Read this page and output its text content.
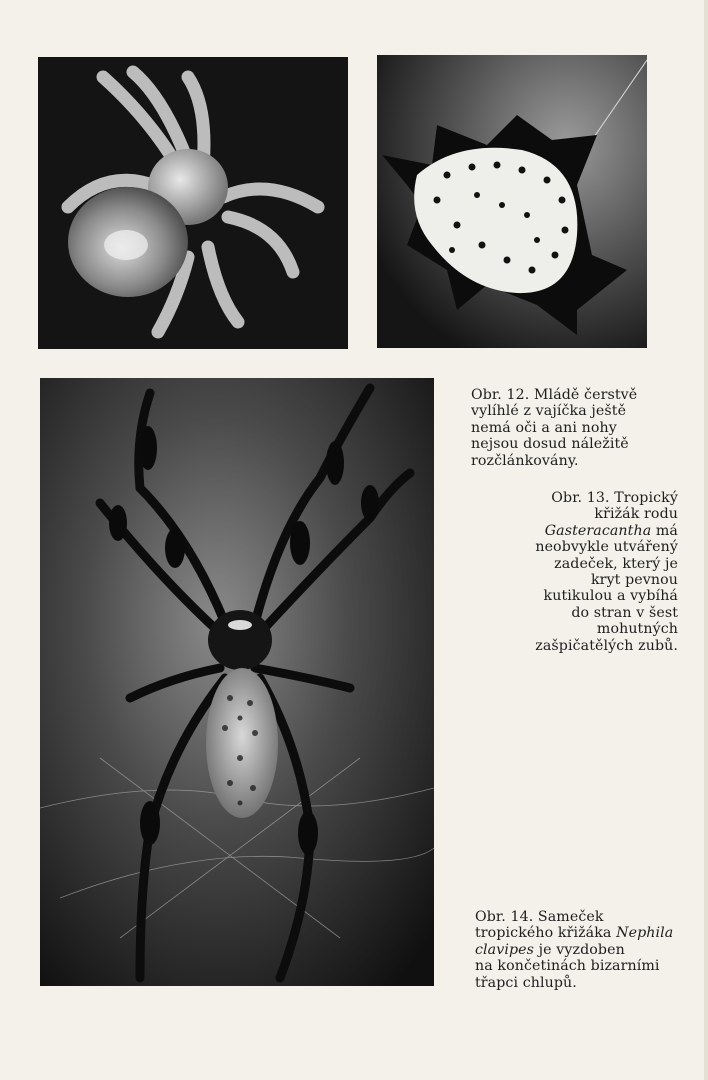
Obr. 12. Mládě čerstvě
vylíhlé z vajíčka ještě
nemá oči a ani nohy
nejsou dosud náležitě
rozčlánkovány.
Obr. 13. Tropický
křižák rodu
Gasteracantha má
neobvykle utvářený
zadeček, který je
kryt pevnou
kutikulou a vybíhá
do stran v šest
mohutných
zašpičatělých zubů.
Obr. 14. Sameček
tropického křižáka Nephila
clavipes je vyzdoben
na končetinách bizarními
třapci chlupů.
